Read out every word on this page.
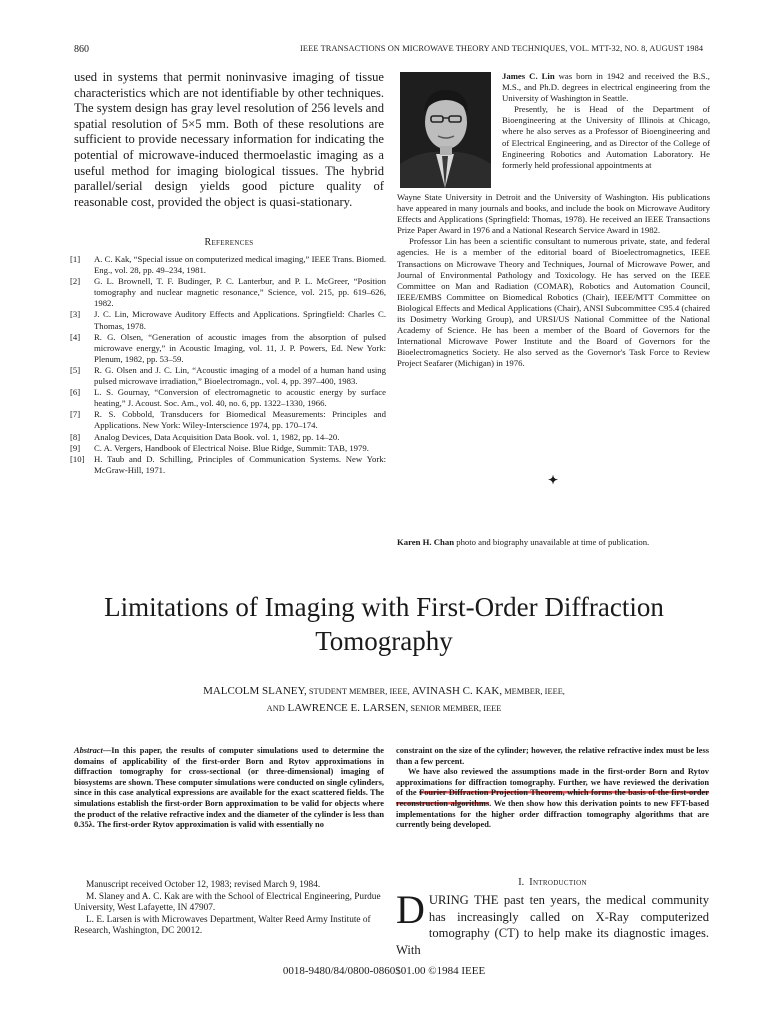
860	IEEE TRANSACTIONS ON MICROWAVE THEORY AND TECHNIQUES, VOL. MTT-32, NO. 8, AUGUST 1984
used in systems that permit noninvasive imaging of tissue characteristics which are not identifiable by other techniques. The system design has gray level resolution of 256 levels and spatial resolution of 5×5 mm. Both of these resolutions are sufficient to provide necessary information for indicating the potential of microwave-induced thermoelastic imaging as a useful method for imaging biological tissues. The hybrid parallel/serial design yields good picture quality of reasonable cost, provided the object is quasi-stationary.
References
[1]	A. C. Kak, “Special issue on computerized medical imaging,” IEEE Trans. Biomed. Eng., vol. 28, pp. 49–234, 1981.
[2]	G. L. Brownell, T. F. Budinger, P. C. Lanterbur, and P. L. McGreer, “Position tomography and nuclear magnetic resonance,” Science, vol. 215, pp. 619–626, 1982.
[3]	J. C. Lin, Microwave Auditory Effects and Applications. Springfield: Charles C. Thomas, 1978.
[4]	R. G. Olsen, “Generation of acoustic images from the absorption of pulsed microwave energy,” in Acoustic Imaging, vol. 11, J. P. Powers, Ed. New York: Plenum, 1982, pp. 53–59.
[5]	R. G. Olsen and J. C. Lin, “Acoustic imaging of a model of a human hand using pulsed microwave irradiation,” Bioelectromagn., vol. 4, pp. 397–400, 1983.
[6]	L. S. Gournay, “Conversion of electromagnetic to acoustic energy by surface heating,” J. Acoust. Soc. Am., vol. 40, no. 6, pp. 1322–1330, 1966.
[7]	R. S. Cobbold, Transducers for Biomedical Measurements: Principles and Applications. New York: Wiley-Interscience 1974, pp. 170–174.
[8]	Analog Devices, Data Acquisition Data Book. vol. 1, 1982, pp. 14–20.
[9]	C. A. Vergers, Handbook of Electrical Noise. Blue Ridge, Summit: TAB, 1979.
[10]	H. Taub and D. Schilling, Principles of Communication Systems. New York: McGraw-Hill, 1971.
James C. Lin was born in 1942 and received the B.S., M.S., and Ph.D. degrees in electrical engineering from the University of Washington in Seattle.
Presently, he is Head of the Department of Bioengineering at the University of Illinois at Chicago, where he also serves as a Professor of Bioengineering and of Electrical Engineering, and as Director of the College of Engineering Robotics and Automation Laboratory. He formerly held professional appointments at

Wayne State University in Detroit and the University of Washington. His publications have appeared in many journals and books, and include the book on Microwave Auditory Effects and Applications (Springfield: Thomas, 1978). He received an IEEE Transactions Prize Paper Award in 1976 and a National Research Service Award in 1982.

Professor Lin has been a scientific consultant to numerous private, state, and federal agencies. He is a member of the editorial board of Bioelectromagnetics, IEEE Transactions on Microwave Theory and Techniques, Journal of Microwave Power, and Journal of Environmental Pathology and Toxicology. He has served on the IEEE Committee on Man and Radiation (COMAR), Robotics and Automation Council, IEEE/EMBS Committee on Biomedical Robotics (Chair), IEEE/MTT Committee on Biological Effects and Medical Applications (Chair), ANSI Subcommittee C95.4 (chaired its Dosimetry Working Group), and URSI/US National Committee of the National Academy of Science. He has been a member of the Board of Governors for the International Microwave Power Institute and the Board of Governors for the Bioelectromagnetics Society. He also served as the Governor's Task Force to Review Project Seafarer (Michigan) in 1976.

✦
Karen H. Chan photo and biography unavailable at time of publication.
Limitations of Imaging with First-Order Diffraction Tomography
MALCOLM SLANEY, STUDENT MEMBER, IEEE, AVINASH C. KAK, MEMBER, IEEE,
AND LAWRENCE E. LARSEN, SENIOR MEMBER, IEEE
Abstract—In this paper, the results of computer simulations used to determine the domains of applicability of the first-order Born and Rytov approximations in diffraction tomography for cross-sectional (or three-dimensional) imaging of biosystems are shown. These computer simulations were conducted on single cylinders, since in this case analytical expressions are available for the exact scattered fields. The simulations establish the first-order Born approximation to be valid for objects where the product of the relative refractive index and the diameter of the cylinder is less than 0.35λ. The first-order Rytov approximation is valid with essentially no

constraint on the size of the cylinder; however, the relative refractive index must be less than a few percent.

We have also reviewed the assumptions made in the first-order Born and Rytov approximations for diffraction tomography. Further, we have reviewed the derivation of the Fourier Diffraction Projection Theorem, which forms the basis of the first-order reconstruction algorithms. We then show how this derivation points to new FFT-based implementations for the higher order diffraction tomography algorithms that are currently being developed.

Manuscript received October 12, 1983; revised March 9, 1984.

M. Slaney and A. C. Kak are with the School of Electrical Engineering, Purdue University, West Lafayette, IN 47907.

L. E. Larsen is with Microwaves Department, Walter Reed Army Institute of Research, Washington, DC 20012.

I. Introduction
DURING THE past ten years, the medical community has increasingly called on X-Ray computerized tomography (CT) to help make its diagnostic images. With
0018-9480/84/0800-0860$01.00 ©1984 IEEE
